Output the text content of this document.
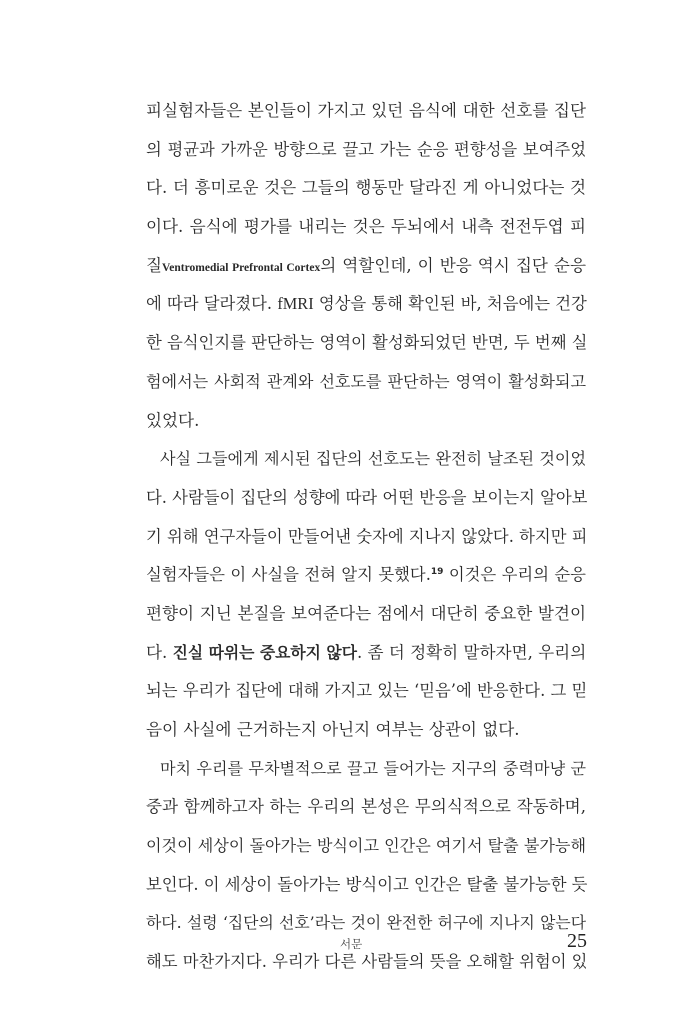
피실험자들은 본인들이 가지고 있던 음식에 대한 선호를 집단
의 평균과 가까운 방향으로 끌고 가는 순응 편향성을 보여주었
다. 더 흥미로운 것은 그들의 행동만 달라진 게 아니었다는 것
이다. 음식에 평가를 내리는 것은 두뇌에서 내측 전전두엽 피
질Ventromedial Prefrontal Cortex의 역할인데, 이 반응 역시 집단 순응
에 따라 달라졌다. fMRI 영상을 통해 확인된 바, 처음에는 건강
한 음식인지를 판단하는 영역이 활성화되었던 반면, 두 번째 실
험에서는 사회적 관계와 선호도를 판단하는 영역이 활성화되고
있었다.
사실 그들에게 제시된 집단의 선호도는 완전히 날조된 것이었
다. 사람들이 집단의 성향에 따라 어떤 반응을 보이는지 알아보
기 위해 연구자들이 만들어낸 숫자에 지나지 않았다. 하지만 피
실험자들은 이 사실을 전혀 알지 못했다.$^{19}$ 이것은 우리의 순응
편향이 지닌 본질을 보여준다는 점에서 대단히 중요한 발견이
다. 진실 따위는 중요하지 않다. 좀 더 정확히 말하자면, 우리의
뇌는 우리가 집단에 대해 가지고 있는 ‘믿음’에 반응한다. 그 믿
음이 사실에 근거하는지 아닌지 여부는 상관이 없다.
마치 우리를 무차별적으로 끌고 들어가는 지구의 중력마냥 군
중과 함께하고자 하는 우리의 본성은 무의식적으로 작동하며,
이것이 세상이 돌아가는 방식이고 인간은 여기서 탈출 불가능해
보인다. 이 세상이 돌아가는 방식이고 인간은 탈출 불가능한 듯
하다. 설령 ‘집단의 선호’라는 것이 완전한 허구에 지나지 않는다
해도 마찬가지다. 우리가 다른 사람들의 뜻을 오해할 위험이 있
서문	25
